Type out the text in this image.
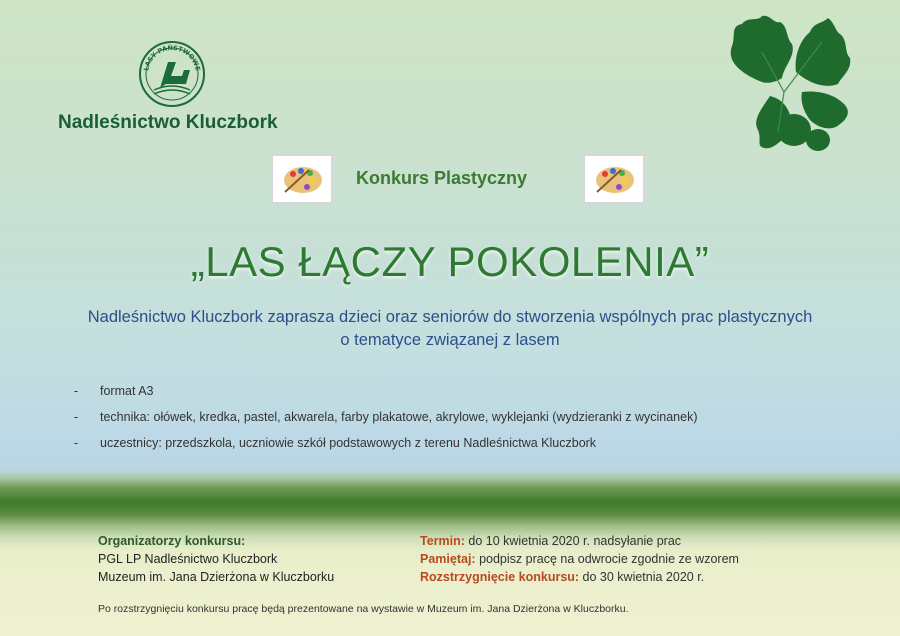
LASY PAŃSTWOWE
Nadleśnictwo Kluczbork
Konkurs Plastyczny
„LAS ŁĄCZY POKOLENIA”
Nadleśnictwo Kluczbork zaprasza dzieci oraz seniorów do stworzenia wspólnych prac plastycznych
o tematyce związanej z lasem
- format A3
- technika: ołówek, kredka, pastel, akwarela, farby plakatowe, akrylowe, wyklejanki (wydzieranki z wycinanek)
- uczestnicy: przedszkola, uczniowie szkół podstawowych z terenu Nadleśnictwa Kluczbork
Organizatorzy konkursu:
PGL LP Nadleśnictwo Kluczbork
Muzeum im. Jana Dzierżona w Kluczborku
Termin: do 10 kwietnia 2020 r. nadsyłanie prac
Pamiętaj: podpisz pracę na odwrocie zgodnie ze wzorem
Rozstrzygnięcie konkursu: do 30 kwietnia 2020 r.
Po rozstrzygnięciu konkursu pracę będą prezentowane na wystawie w Muzeum im. Jana Dzierżona w Kluczborku.
